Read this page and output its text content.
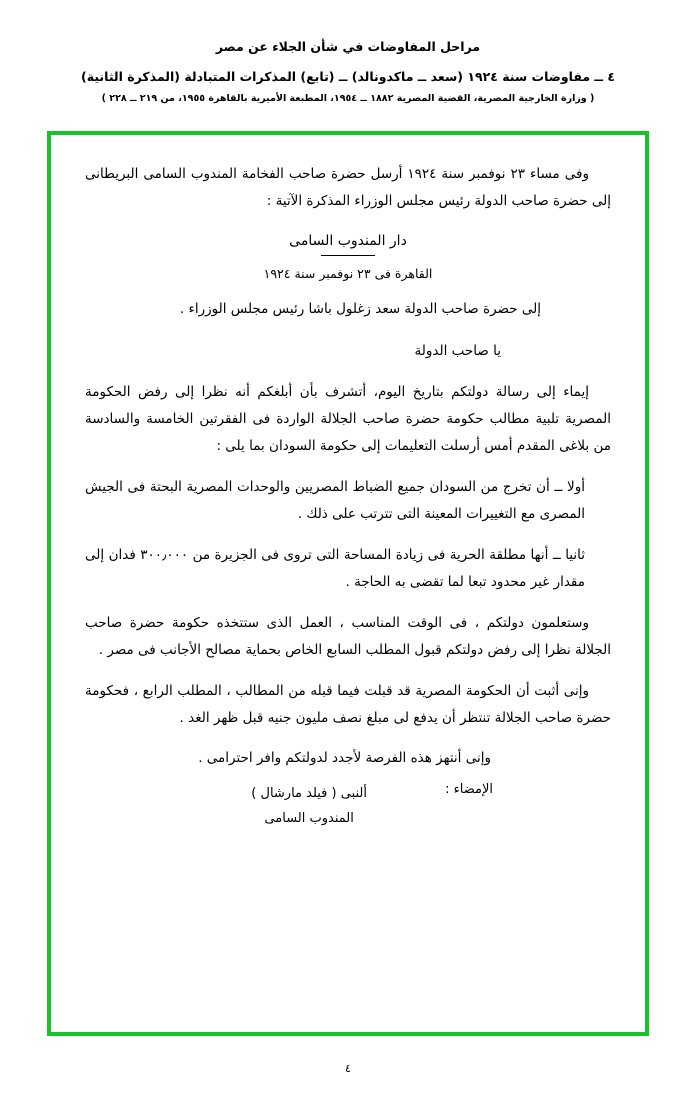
مراحل المفاوضات في شأن الجلاء عن مصر
٤ ــ مفاوضات سنة ١٩٢٤ (سعد ــ ماكدونالد) ــ (تابع) المذكرات المتبادلة (المذكرة الثانية)
( وزارة الخارجية المصرية، القضية المصرية ١٨٨٢ ــ ١٩٥٤، المطبعة الأميرية بالقاهرة ١٩٥٥، من ٢١٩ ــ ٢٢٨ )

وفى مساء ٢٣ نوفمبر سنة ١٩٢٤ أرسل حضرة صاحب الفخامة المندوب السامى البريطانى إلى حضرة صاحب الدولة رئيس مجلس الوزراء المذكرة الآتية :

دار المندوب السامى
القاهرة فى ٢٣ نوفمبر سنة ١٩٢٤
إلى حضرة صاحب الدولة سعد زغلول باشا رئيس مجلس الوزراء .
يا صاحب الدولة

إيماء إلى رسالة دولتكم بتاريخ اليوم، أتشرف بأن أبلغكم أنه نظرا إلى رفض الحكومة المصرية تلبية مطالب حكومة حضرة صاحب الجلالة الواردة فى الفقرتين الخامسة والسادسة من بلاغى المقدم أمس أرسلت التعليمات إلى حكومة السودان بما يلى :

أولا ــ أن تخرج من السودان جميع الضباط المصريين والوحدات المصرية البحتة فى الجيش المصرى مع التغييرات المعينة التى تترتب على ذلك .

ثانيا ــ أنها مطلقة الحرية فى زيادة المساحة التى تروى فى الجزيرة من ٣٠٠٫٠٠٠ فدان إلى مقدار غير محدود تبعا لما تقضى به الحاجة .

وستعلمون دولتكم ، فى الوقت المناسب ، العمل الذى ستتخذه حكومة حضرة صاحب الجلالة نظرا إلى رفض دولتكم قبول المطلب السابع الخاص بحماية مصالح الأجانب فى مصر .

وإنى أثبت أن الحكومة المصرية قد قبلت فيما قبله من المطالب ، المطلب الرابع ، فحكومة حضرة صاحب الجلالة تنتظر أن يدفع لى مبلغ نصف مليون جنيه قبل ظهر الغد .

وإنى أنتهز هذه الفرصة لأجدد لدولتكم وافر احترامى .
الإمضاء :
ألنبى ( فيلد مارشال )
المندوب السامى
٤
